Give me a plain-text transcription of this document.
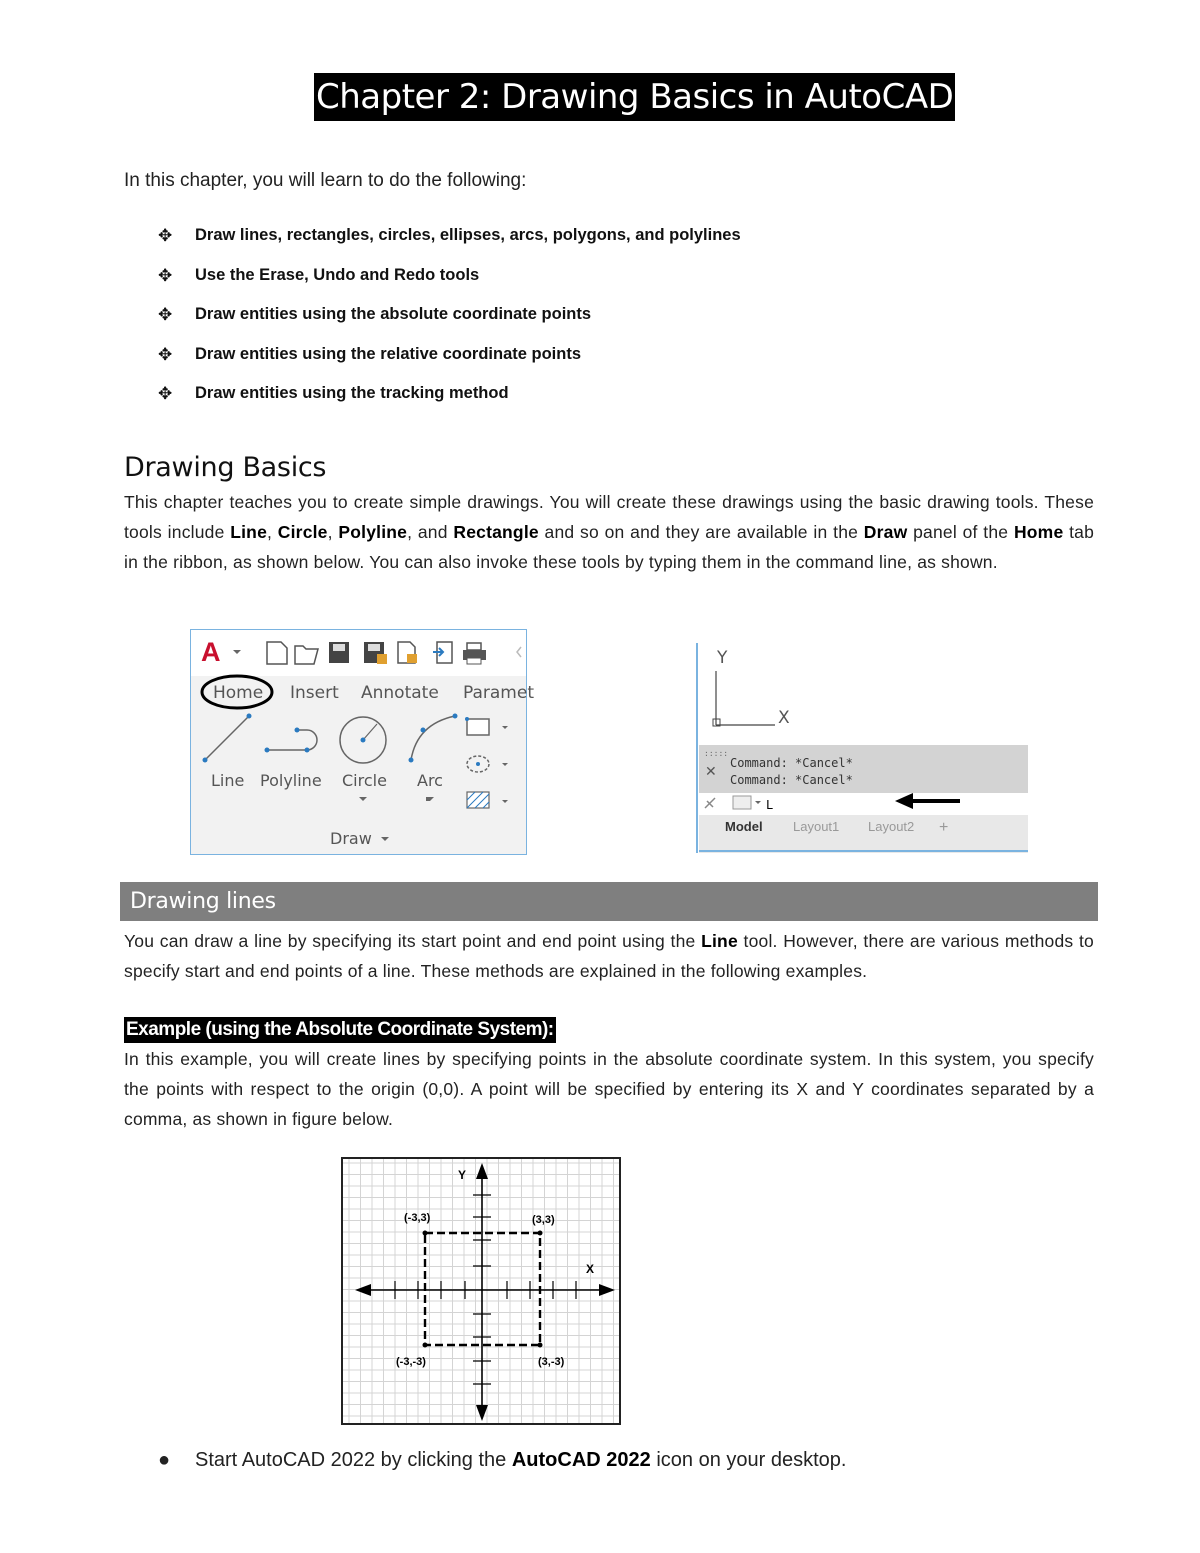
Chapter 2: Drawing Basics in AutoCAD
In this chapter, you will learn to do the following:
✥	Draw lines, rectangles, circles, ellipses, arcs, polygons, and polylines
✥	Use the Erase, Undo and Redo tools
✥	Draw entities using the absolute coordinate points
✥	Draw entities using the relative coordinate points
✥	Draw entities using the tracking method
Drawing Basics

This chapter teaches you to create simple drawings. You will create these drawings using the basic drawing tools. These tools include Line, Circle, Polyline, and Rectangle and so on and they are available in the Draw panel of the Home tab in the ribbon, as shown below. You can also invoke these tools by typing them in the command line, as shown.

A
Home Insert Annotate Paramet
Line Polyline Circle Arc
Draw
Y
X
:::::
✕ Command: *Cancel*
Command: *Cancel*
L
Model Layout1 Layout2 +
Drawing lines

You can draw a line by specifying its start point and end point using the Line tool. However, there are various methods to specify start and end points of a line. These methods are explained in the following examples.

Example (using the Absolute Coordinate System):

In this example, you will create lines by specifying points in the absolute coordinate system. In this system, you specify the points with respect to the origin (0,0). A point will be specified by entering its X and Y coordinates separated by a comma, as shown in figure below.

Y
X
(-3,3)	(3,3)
(-3,-3)	(3,-3)
●	Start AutoCAD 2022 by clicking the AutoCAD 2022 icon on your desktop.
